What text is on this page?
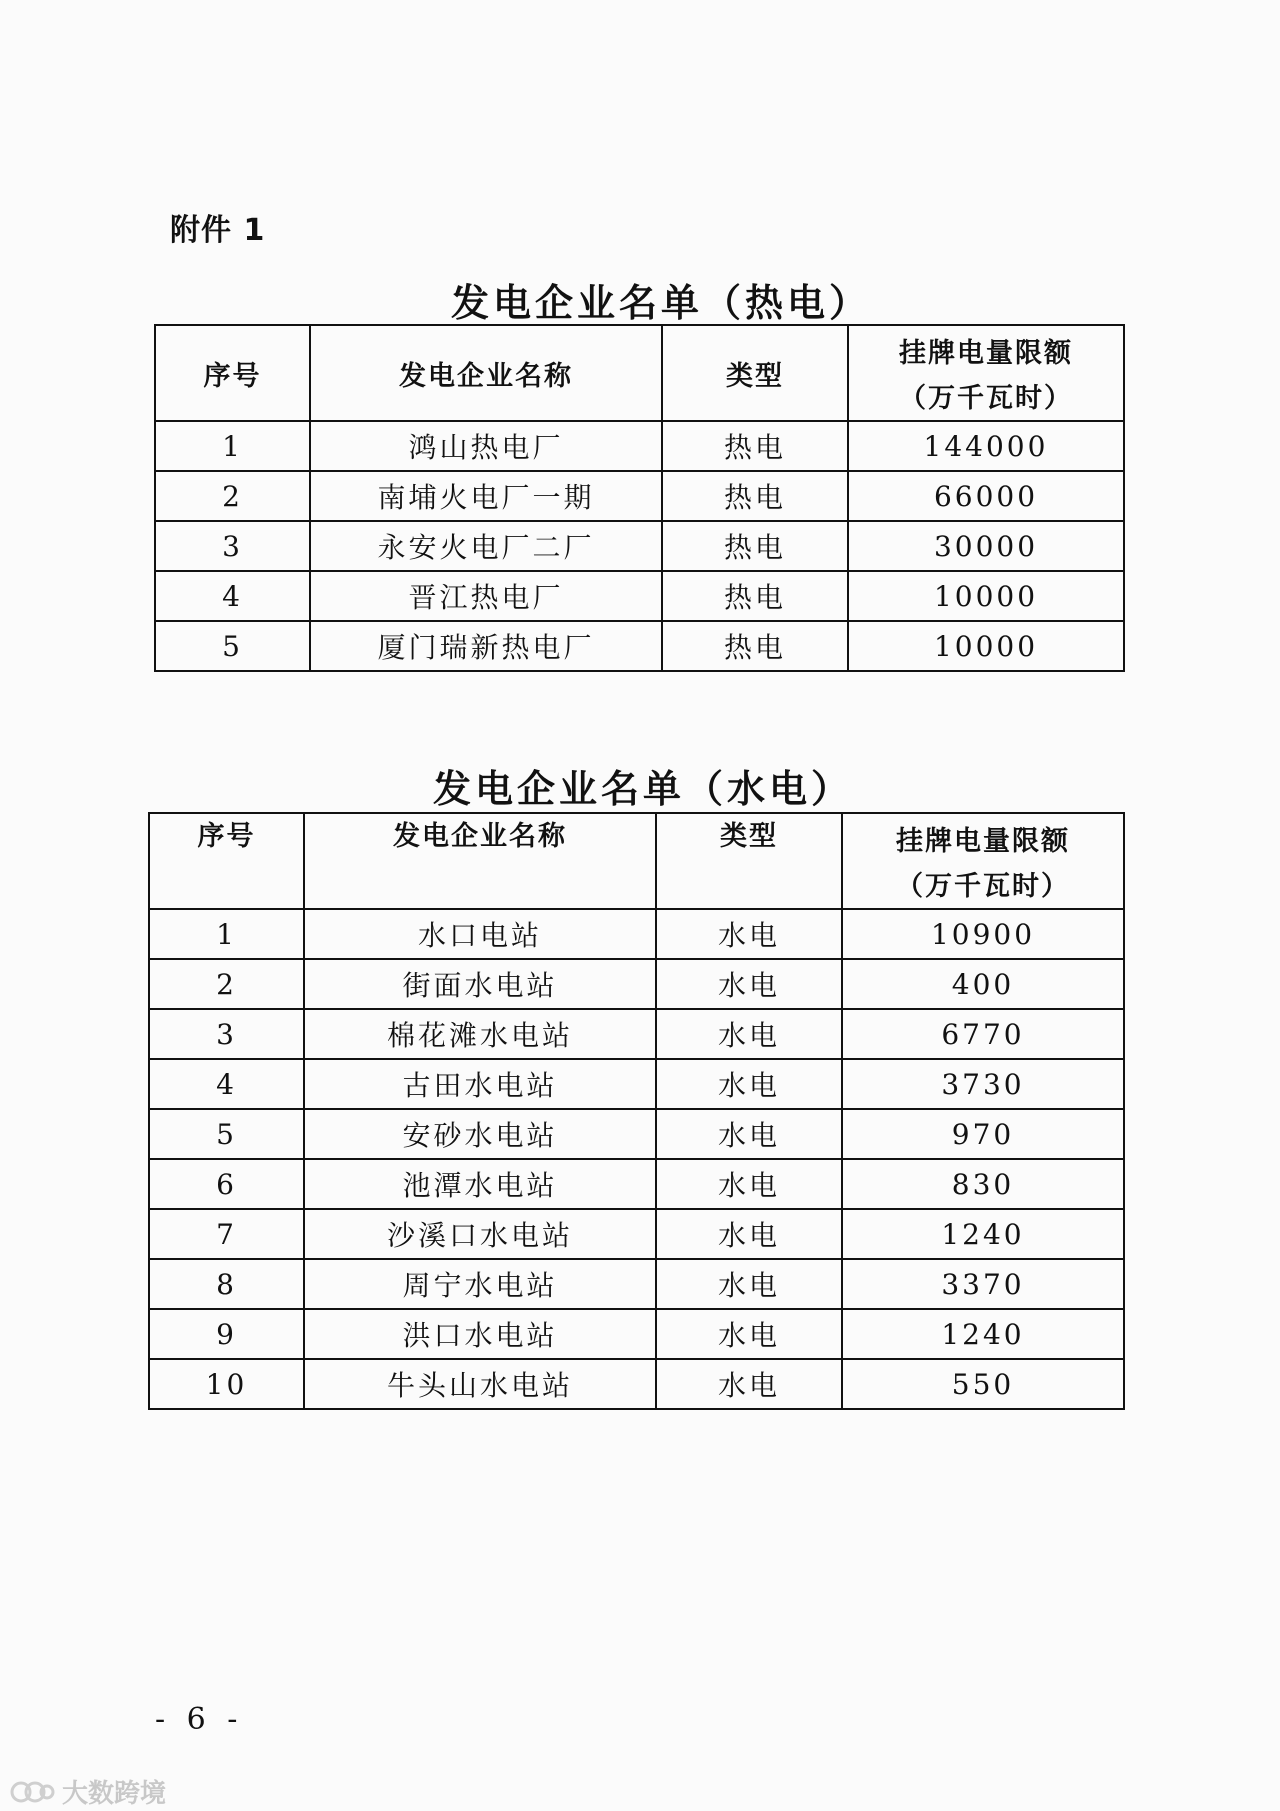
附件 1
发电企业名单（热电）
序号	发电企业名称	类型	挂牌电量限额
（万千瓦时）

1	鸿山热电厂	热电	144000
2	南埔火电厂一期	热电	66000
3	永安火电厂二厂	热电	30000
4	晋江热电厂	热电	10000
5	厦门瑞新热电厂	热电	10000
发电企业名单（水电）
序号	发电企业名称	类型	挂牌电量限额
（万千瓦时）

1	水口电站	水电	10900
2	街面水电站	水电	400
3	棉花滩水电站	水电	6770
4	古田水电站	水电	3730
5	安砂水电站	水电	970
6	池潭水电站	水电	830
7	沙溪口水电站	水电	1240
8	周宁水电站	水电	3370
9	洪口水电站	水电	1240
10	牛头山水电站	水电	550
- 6 -
大数跨境
